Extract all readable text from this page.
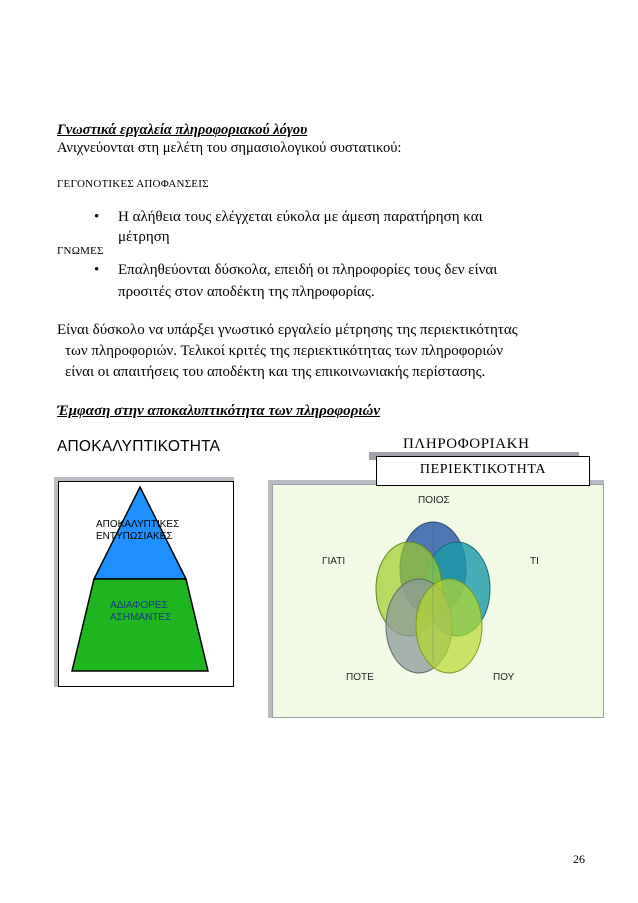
Γνωστικά εργαλεία πληροφοριακού λόγου
Ανιχνεύονται στη μελέτη του σημασιολογικού συστατικού:
ΓΕΓΟΝΟΤΙΚΕΣ ΑΠΟΦΑΝΣΕΙΣ
• Η αλήθεια τους ελέγχεται εύκολα με άμεση παρατήρηση και
μέτρηση
ΓΝΩΜΕΣ
• Επαληθεύονται δύσκολα, επειδή οι πληροφορίες τους δεν είναι
προσιτές στον αποδέκτη της πληροφορίας.
Είναι δύσκολο να υπάρξει γνωστικό εργαλείο μέτρησης της περιεκτικότητας
των πληροφοριών. Τελικοί κριτές της περιεκτικότητας των πληροφοριών
είναι οι απαιτήσεις του αποδέκτη και της επικοινωνιακής περίστασης.
Έμφαση στην αποκαλυπτικότητα των πληροφοριών
ΑΠΟΚΑΛΥΠΤΙΚΟΤΗΤΑ	ΠΛΗΡΟΦΟΡΙΑΚΗ
ΑΠΟΚΑΛΥΠΤΙΚΕΣ
ΕΝΤΥΠΩΣΙΑΚΕΣ
ΑΔΙΑΦΟΡΕΣ
ΑΣΗΜΑΝΤΕΣ
ΠΕΡΙΕΚΤΙΚΟΤΗΤΑ
ΠΟΙΟΣ
ΤΙ
ΓΙΑΤΙ
ΠΟΤΕ	ΠΟΥ
26
